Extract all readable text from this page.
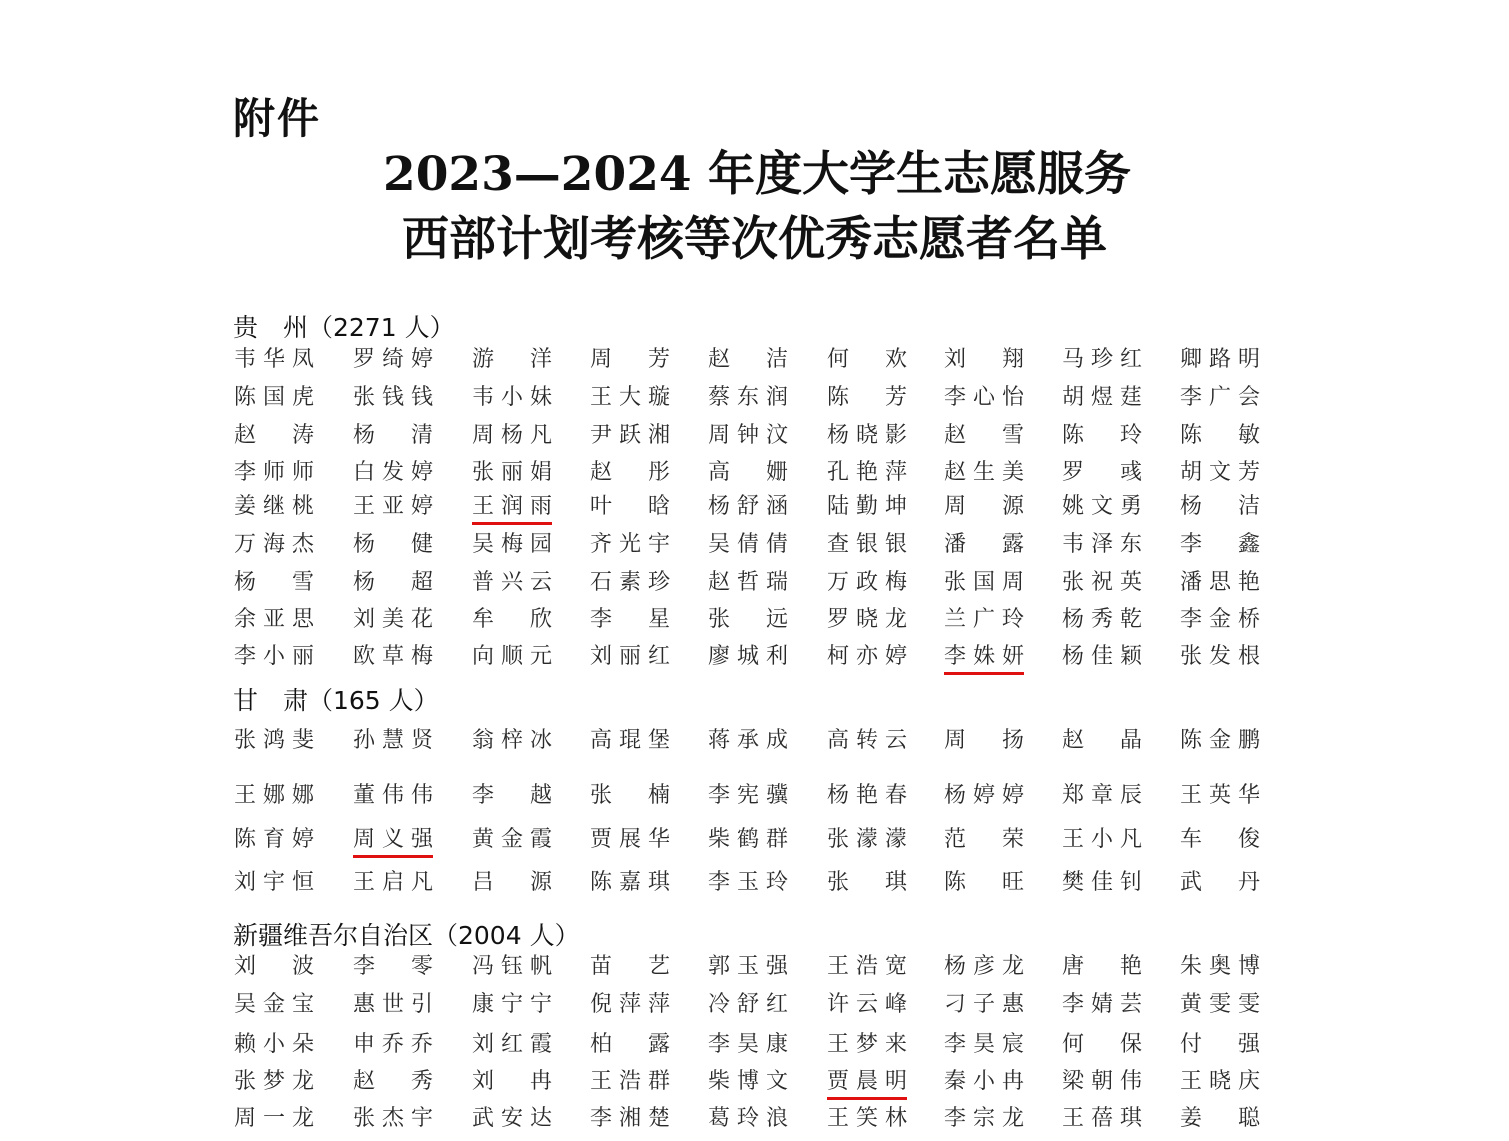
附件
2023—2024 年度大学生志愿服务
西部计划考核等次优秀志愿者名单
贵　州（2271 人）
韦华凤 罗绮婷 游　洋 周　芳 赵　洁 何　欢 刘　翔 马珍红 卿路明
陈国虎 张钱钱 韦小妹 王大璇 蔡东润 陈　芳 李心怡 胡煜莛 李广会
赵　涛 杨　清 周杨凡 尹跃湘 周钟汶 杨晓影 赵　雪 陈　玲 陈　敏
李师师 白发婷 张丽娟 赵　彤 高　姗 孔艳萍 赵生美 罗　彧 胡文芳
姜继桃 王亚婷 王润雨 叶　晗 杨舒涵 陆勤坤 周　源 姚文勇 杨　洁
万海杰 杨　健 吴梅园 齐光宇 吴倩倩 查银银 潘　露 韦泽东 李　鑫
杨　雪 杨　超 普兴云 石素珍 赵哲瑞 万政梅 张国周 张祝英 潘思艳
余亚思 刘美花 牟　欣 李　星 张　远 罗晓龙 兰广玲 杨秀乾 李金桥
李小丽 欧草梅 向顺元 刘丽红 廖城利 柯亦婷 李姝妍 杨佳颖 张发根
甘　肃（165 人）
张鸿斐 孙慧贤 翁梓冰 高琨堡 蒋承成 高转云 周　扬 赵　晶 陈金鹏
王娜娜 董伟伟 李　越 张　楠 李宪骥 杨艳春 杨婷婷 郑章辰 王英华
陈育婷 周义强 黄金霞 贾展华 柴鹤群 张濛濛 范　荣 王小凡 车　俊
刘宇恒 王启凡 吕　源 陈嘉琪 李玉玲 张　琪 陈　旺 樊佳钊 武　丹
新疆维吾尔自治区（2004 人）
刘　波 李　零 冯钰帆 苗　艺 郭玉强 王浩宽 杨彦龙 唐　艳 朱奥博
吴金宝 惠世引 康宁宁 倪萍萍 冷舒红 许云峰 刁子惠 李婧芸 黄雯雯
赖小朵 申乔乔 刘红霞 柏　露 李昊康 王梦来 李昊宸 何　保 付　强
张梦龙 赵　秀 刘　冉 王浩群 柴博文 贾晨明 秦小冉 梁朝伟 王晓庆
周一龙 张杰宇 武安达 李湘楚 葛玲浪 王笑林 李宗龙 王蓓琪 姜　聪
